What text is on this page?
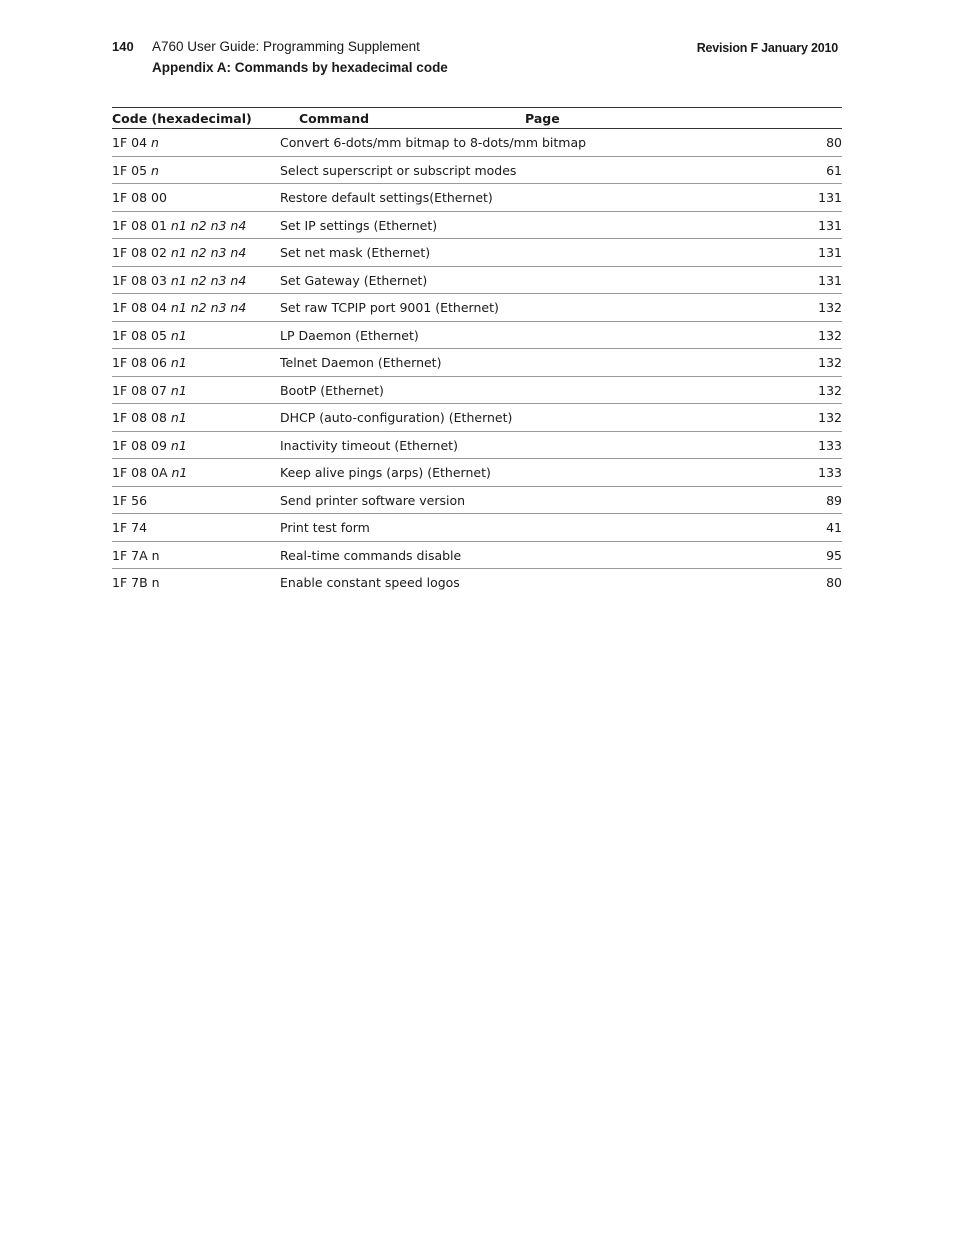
140 A760 User Guide: Programming Supplement
Appendix A: Commands by hexadecimal code
Revision F January 2010
Code (hexadecimal)	Command	Page
1F 04 n	Convert 6-dots/mm bitmap to 8-dots/mm bitmap	80
1F 05 n	Select superscript or subscript modes	61
1F 08 00	Restore default settings(Ethernet)	131
1F 08 01 n1 n2 n3 n4	Set IP settings (Ethernet)	131
1F 08 02 n1 n2 n3 n4	Set net mask (Ethernet)	131
1F 08 03 n1 n2 n3 n4	Set Gateway (Ethernet)	131
1F 08 04 n1 n2 n3 n4	Set raw TCPIP port 9001 (Ethernet)	132
1F 08 05 n1	LP Daemon (Ethernet)	132
1F 08 06 n1	Telnet Daemon (Ethernet)	132
1F 08 07 n1	BootP (Ethernet)	132
1F 08 08 n1	DHCP (auto-configuration) (Ethernet)	132
1F 08 09 n1	Inactivity timeout (Ethernet)	133
1F 08 0A n1	Keep alive pings (arps) (Ethernet)	133
1F 56	Send printer software version	89
1F 74	Print test form	41
1F 7A n	Real-time commands disable	95
1F 7B n	Enable constant speed logos	80
